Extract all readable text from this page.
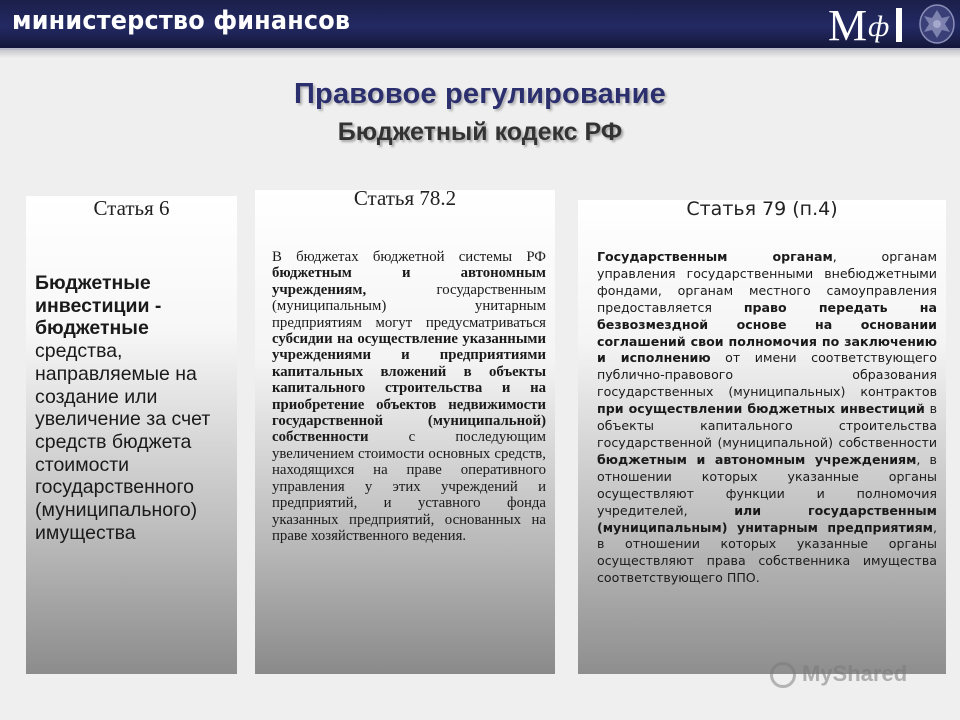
министерство финансов	М ф
Правовое регулирование
Бюджетный кодекс РФ
Статья 6	Статья 78.2	Статья 79 (п.4)
Бюджетные инвестиции - бюджетные средства, направляемые на создание или увеличение за счет средств бюджета стоимости государственного (муниципального) имущества
В бюджетах бюджетной системы РФ бюджетным и автономным учреждениям, государственным (муниципальным) унитарным предприятиям могут предусматриваться субсидии на осуществление указанными учреждениями и предприятиями капитальных вложений в объекты капитального строительства и на приобретение объектов недвижимости государственной (муниципальной) собственности с последующим увеличением стоимости основных средств, находящихся на праве оперативного управления у этих учреждений и предприятий, и уставного фонда указанных предприятий, основанных на праве хозяйственного ведения.
Государственным органам, органам управления государственными внебюджетными фондами, органам местного самоуправления предоставляется право передать на безвозмездной основе на основании соглашений свои полномочия по заключению и исполнению от имени соответствующего публично-правового образования государственных (муниципальных) контрактов при осуществлении бюджетных инвестиций в объекты капитального строительства государственной (муниципальной) собственности бюджетным и автономным учреждениям, в отношении которых указанные органы осуществляют функции и полномочия учредителей, или государственным (муниципальным) унитарным предприятиям, в отношении которых указанные органы осуществляют права собственника имущества соответствующего ППО.
MyShared
